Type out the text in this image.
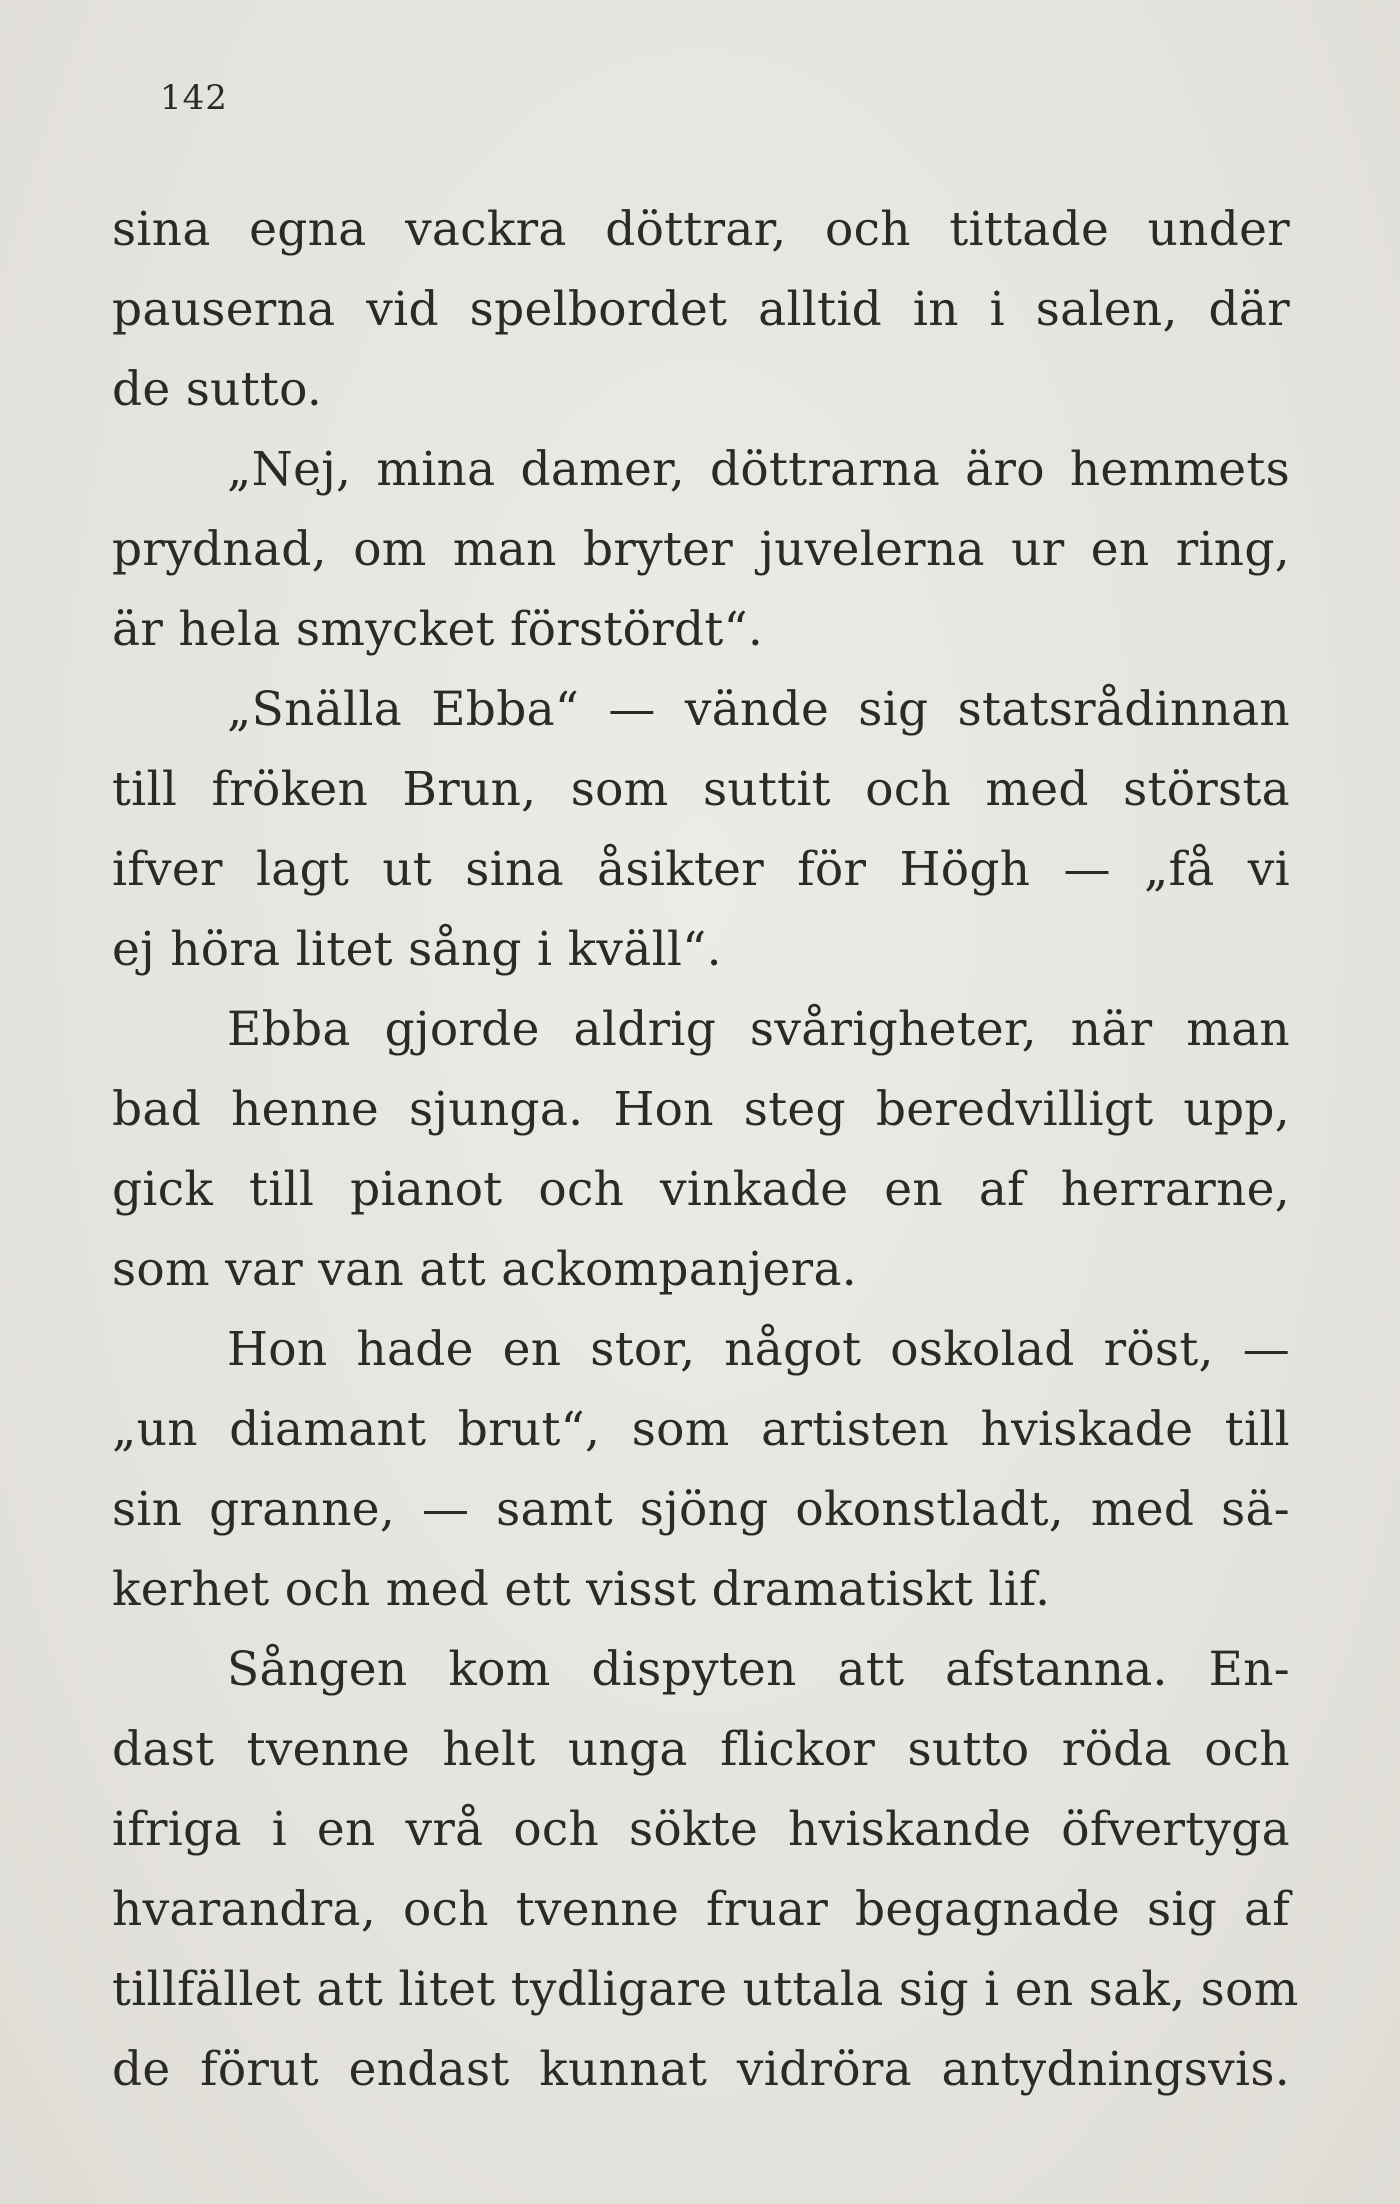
142
sina egna vackra döttrar, och tittade under
pauserna vid spelbordet alltid in i salen, där
de sutto.
„Nej, mina damer, döttrarna äro hemmets
prydnad, om man bryter juvelerna ur en ring,
är hela smycket förstördt“.
„Snälla Ebba“ — vände sig statsrådinnan
till fröken Brun, som suttit och med största
ifver lagt ut sina åsikter för Högh — „få vi
ej höra litet sång i kväll“.
Ebba gjorde aldrig svårigheter, när man
bad henne sjunga. Hon steg beredvilligt upp,
gick till pianot och vinkade en af herrarne,
som var van att ackompanjera.
Hon hade en stor, något oskolad röst, —
„un diamant brut“, som artisten hviskade till
sin granne, — samt sjöng okonstladt, med sä-
kerhet och med ett visst dramatiskt lif.
Sången kom dispyten att afstanna. En-
dast tvenne helt unga flickor sutto röda och
ifriga i en vrå och sökte hviskande öfvertyga
hvarandra, och tvenne fruar begagnade sig af
tillfället att litet tydligare uttala sig i en sak, som
de förut endast kunnat vidröra antydningsvis.
